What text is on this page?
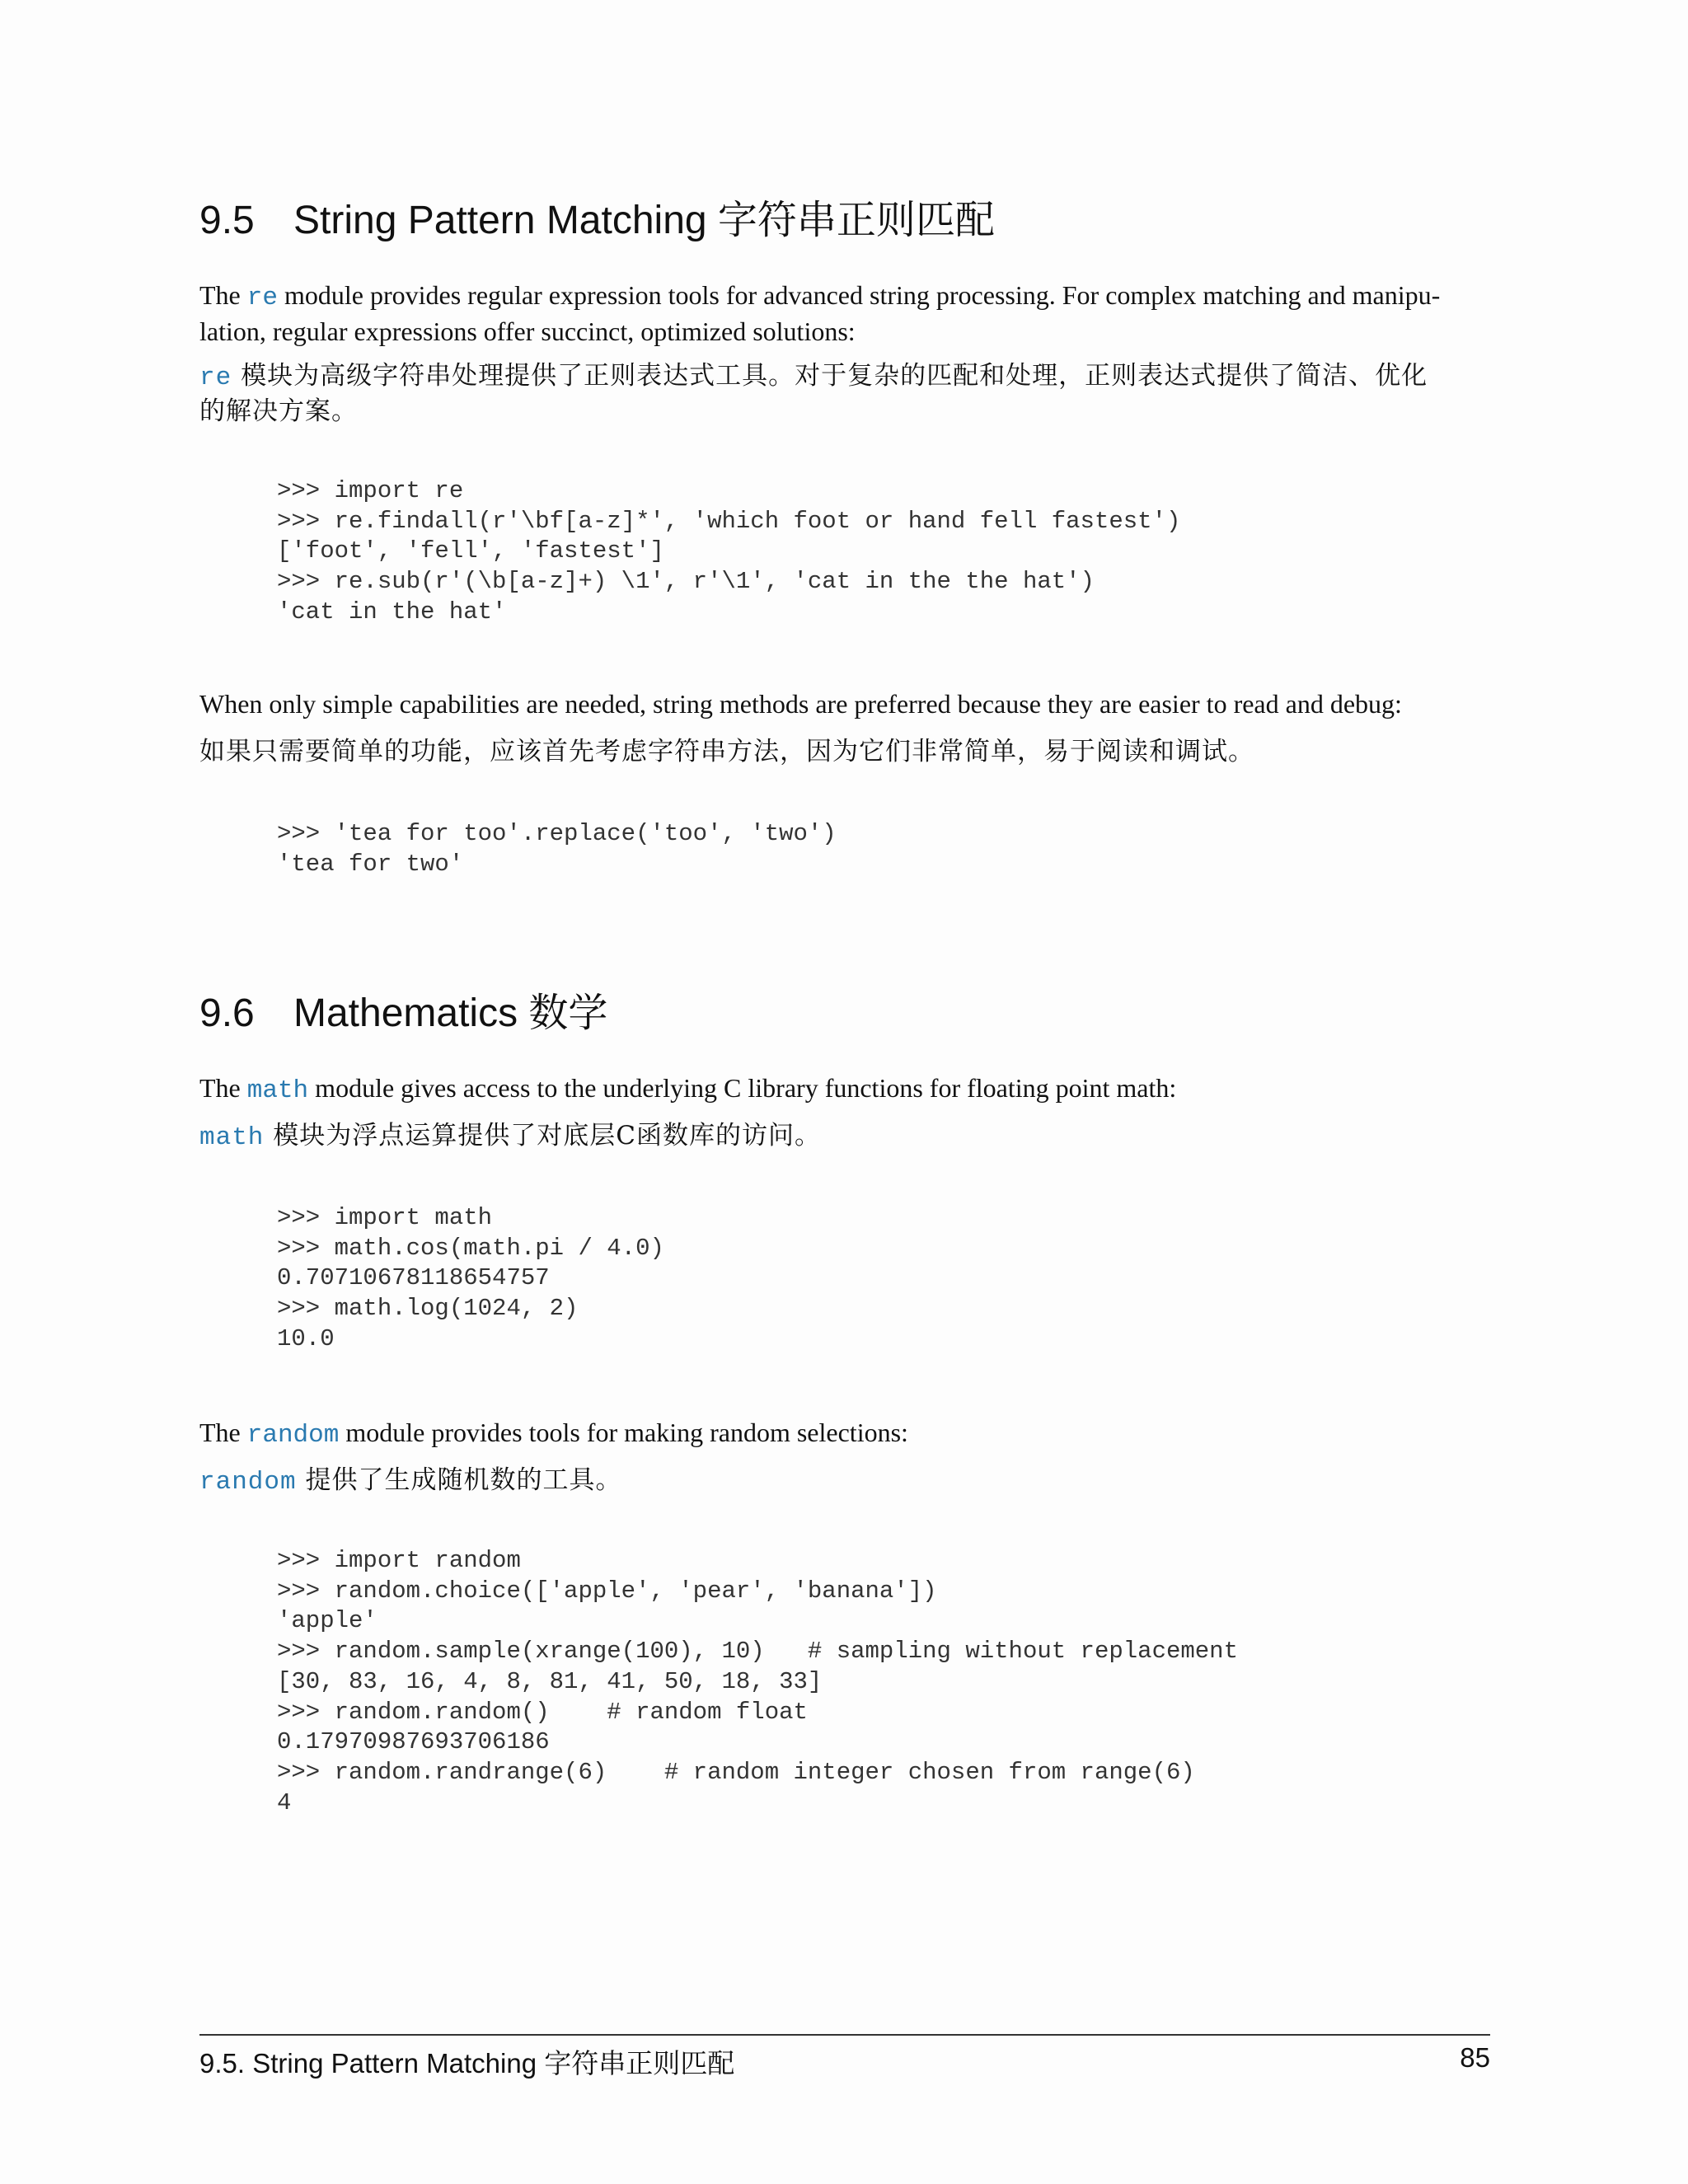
9.5 String Pattern Matching 字符串正则匹配
The re module provides regular expression tools for advanced string processing. For complex matching and manipu-
lation, regular expressions offer succinct, optimized solutions:
re 模块为高级字符串处理提供了正则表达式工具。对于复杂的匹配和处理，正则表达式提供了简洁、优化
的解决方案。
>>> import re
>>> re.findall(r'\bf[a-z]*', 'which foot or hand fell fastest')
['foot', 'fell', 'fastest']
>>> re.sub(r'(\b[a-z]+) \1', r'\1', 'cat in the the hat')
'cat in the hat'
When only simple capabilities are needed, string methods are preferred because they are easier to read and debug:
如果只需要简单的功能，应该首先考虑字符串方法，因为它们非常简单，易于阅读和调试。
>>> 'tea for too'.replace('too', 'two')
'tea for two'
9.6 Mathematics 数学
The math module gives access to the underlying C library functions for floating point math:
math 模块为浮点运算提供了对底层C函数库的访问。
>>> import math
>>> math.cos(math.pi / 4.0)
0.70710678118654757
>>> math.log(1024, 2)
10.0
The random module provides tools for making random selections:
random 提供了生成随机数的工具。
>>> import random
>>> random.choice(['apple', 'pear', 'banana'])
'apple'
>>> random.sample(xrange(100), 10)   # sampling without replacement
[30, 83, 16, 4, 8, 81, 41, 50, 18, 33]
>>> random.random()    # random float
0.17970987693706186
>>> random.randrange(6)    # random integer chosen from range(6)
4
9.5. String Pattern Matching 字符串正则匹配	85
